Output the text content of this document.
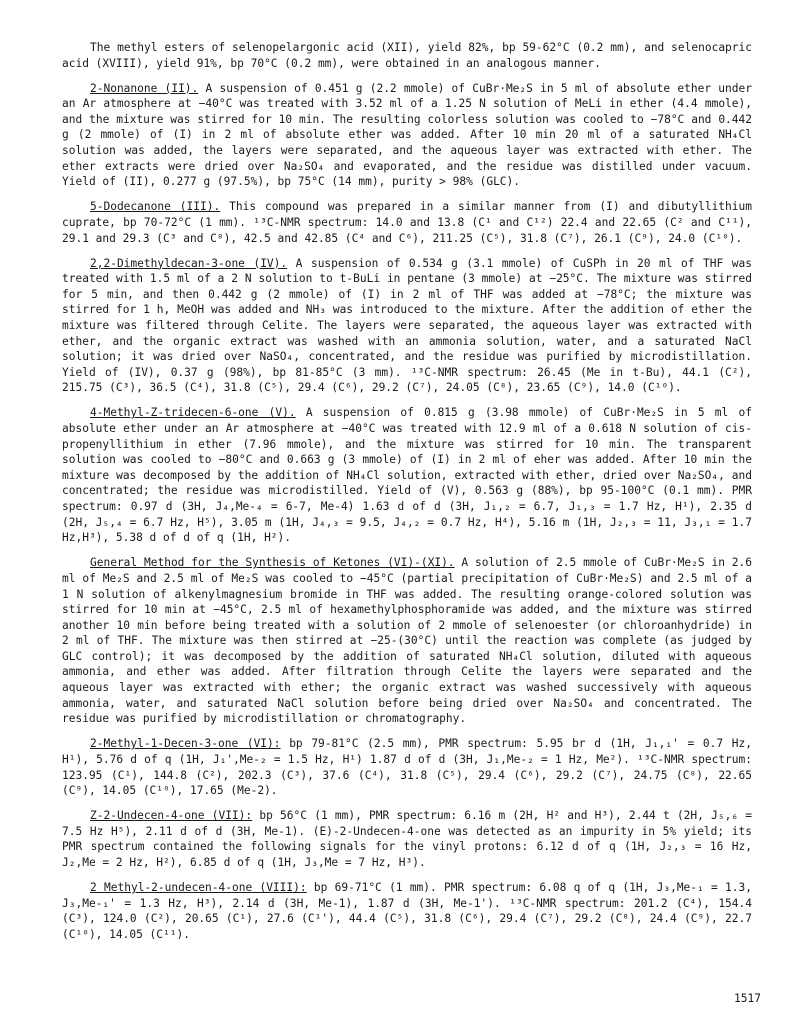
The methyl esters of selenopelargonic acid (XII), yield 82%, bp 59-62°C (0.2 mm), and selenocapric acid (XVIII), yield 91%, bp 70°C (0.2 mm), were obtained in an analogous manner.

2-Nonanone (II). A suspension of 0.451 g (2.2 mmole) of CuBr·Me₂S in 5 ml of absolute ether under an Ar atmosphere at −40°C was treated with 3.52 ml of a 1.25 N solution of MeLi in ether (4.4 mmole), and the mixture was stirred for 10 min. The resulting colorless solution was cooled to −78°C and 0.442 g (2 mmole) of (I) in 2 ml of absolute ether was added. After 10 min 20 ml of a saturated NH₄Cl solution was added, the layers were separated, and the aqueous layer was extracted with ether. The ether extracts were dried over Na₂SO₄ and evaporated, and the residue was distilled under vacuum. Yield of (II), 0.277 g (97.5%), bp 75°C (14 mm), purity > 98% (GLC).

5-Dodecanone (III). This compound was prepared in a similar manner from (I) and dibutyllithium cuprate, bp 70-72°C (1 mm). ¹³C-NMR spectrum: 14.0 and 13.8 (C¹ and C¹²) 22.4 and 22.65 (C² and C¹¹), 29.1 and 29.3 (C³ and C⁸), 42.5 and 42.85 (C⁴ and C⁶), 211.25 (C⁵), 31.8 (C⁷), 26.1 (C⁹), 24.0 (C¹⁰).

2,2-Dimethyldecan-3-one (IV). A suspension of 0.534 g (3.1 mmole) of CuSPh in 20 ml of THF was treated with 1.5 ml of a 2 N solution to t-BuLi in pentane (3 mmole) at −25°C. The mixture was stirred for 5 min, and then 0.442 g (2 mmole) of (I) in 2 ml of THF was added at −78°C; the mixture was stirred for 1 h, MeOH was added and NH₃ was introduced to the mixture. After the addition of ether the mixture was filtered through Celite. The layers were separated, the aqueous layer was extracted with ether, and the organic extract was washed with an ammonia solution, water, and a saturated NaCl solution; it was dried over NaSO₄, concentrated, and the residue was purified by microdistillation. Yield of (IV), 0.37 g (98%), bp 81-85°C (3 mm). ¹³C-NMR spectrum: 26.45 (Me in t-Bu), 44.1 (C²), 215.75 (C³), 36.5 (C⁴), 31.8 (C⁵), 29.4 (C⁶), 29.2 (C⁷), 24.05 (C⁸), 23.65 (C⁹), 14.0 (C¹⁰).

4-Methyl-Z-tridecen-6-one (V). A suspension of 0.815 g (3.98 mmole) of CuBr·Me₂S in 5 ml of absolute ether under an Ar atmosphere at −40°C was treated with 12.9 ml of a 0.618 N solution of cis-propenyllithium in ether (7.96 mmole), and the mixture was stirred for 10 min. The transparent solution was cooled to −80°C and 0.663 g (3 mmole) of (I) in 2 ml of eher was added. After 10 min the mixture was decomposed by the addition of NH₄Cl solution, extracted with ether, dried over Na₂SO₄, and concentrated; the residue was microdistilled. Yield of (V), 0.563 g (88%), bp 95-100°C (0.1 mm). PMR spectrum: 0.97 d (3H, J₄,Me-₄ = 6-7, Me-4) 1.63 d of d (3H, J₁,₂ = 6.7, J₁,₃ = 1.7 Hz, H¹), 2.35 d (2H, J₅,₄ = 6.7 Hz, H⁵), 3.05 m (1H, J₄,₃ = 9.5, J₄,₂ = 0.7 Hz, H⁴), 5.16 m (1H, J₂,₃ = 11, J₃,₁ = 1.7 Hz,H³), 5.38 d of d of q (1H, H²).

General Method for the Synthesis of Ketones (VI)-(XI). A solution of 2.5 mmole of CuBr·Me₂S in 2.6 ml of Me₂S and 2.5 ml of Me₂S was cooled to −45°C (partial precipitation of CuBr·Me₂S) and 2.5 ml of a 1 N solution of alkenylmagnesium bromide in THF was added. The resulting orange-colored solution was stirred for 10 min at −45°C, 2.5 ml of hexamethylphosphoramide was added, and the mixture was stirred another 10 min before being treated with a solution of 2 mmole of selenoester (or chloroanhydride) in 2 ml of THF. The mixture was then stirred at −25-(30°C) until the reaction was complete (as judged by GLC control); it was decomposed by the addition of saturated NH₄Cl solution, diluted with aqueous ammonia, and ether was added. After filtration through Celite the layers were separated and the aqueous layer was extracted with ether; the organic extract was washed successively with aqueous ammonia, water, and saturated NaCl solution before being dried over Na₂SO₄ and concentrated. The residue was purified by microdistillation or chromatography.

2-Methyl-1-Decen-3-one (VI): bp 79-81°C (2.5 mm), PMR spectrum: 5.95 br d (1H, J₁,₁' = 0.7 Hz, H¹), 5.76 d of q (1H, J₁',Me-₂ = 1.5 Hz, H¹) 1.87 d of d (3H, J₁,Me-₂ = 1 Hz, Me²). ¹³C-NMR spectrum: 123.95 (C¹), 144.8 (C²), 202.3 (C³), 37.6 (C⁴), 31.8 (C⁵), 29.4 (C⁶), 29.2 (C⁷), 24.75 (C⁸), 22.65 (C⁹), 14.05 (C¹⁰), 17.65 (Me-2).

Z-2-Undecen-4-one (VII): bp 56°C (1 mm), PMR spectrum: 6.16 m (2H, H² and H³), 2.44 t (2H, J₅,₆ = 7.5 Hz H⁵), 2.11 d of d (3H, Me-1). (E)-2-Undecen-4-one was detected as an impurity in 5% yield; its PMR spectrum contained the following signals for the vinyl protons: 6.12 d of q (1H, J₂,₃ = 16 Hz, J₂,Me = 2 Hz, H²), 6.85 d of q (1H, J₃,Me = 7 Hz, H³).

2 Methyl-2-undecen-4-one (VIII): bp 69-71°C (1 mm). PMR spectrum: 6.08 q of q (1H, J₃,Me-₁ = 1.3, J₃,Me-₁' = 1.3 Hz, H³), 2.14 d (3H, Me-1), 1.87 d (3H, Me-1'). ¹³C-NMR spectrum: 201.2 (C⁴), 154.4 (C³), 124.0 (C²), 20.65 (C¹), 27.6 (C¹'), 44.4 (C⁵), 31.8 (C⁶), 29.4 (C⁷), 29.2 (C⁸), 24.4 (C⁹), 22.7 (C¹⁰), 14.05 (C¹¹).

1517
